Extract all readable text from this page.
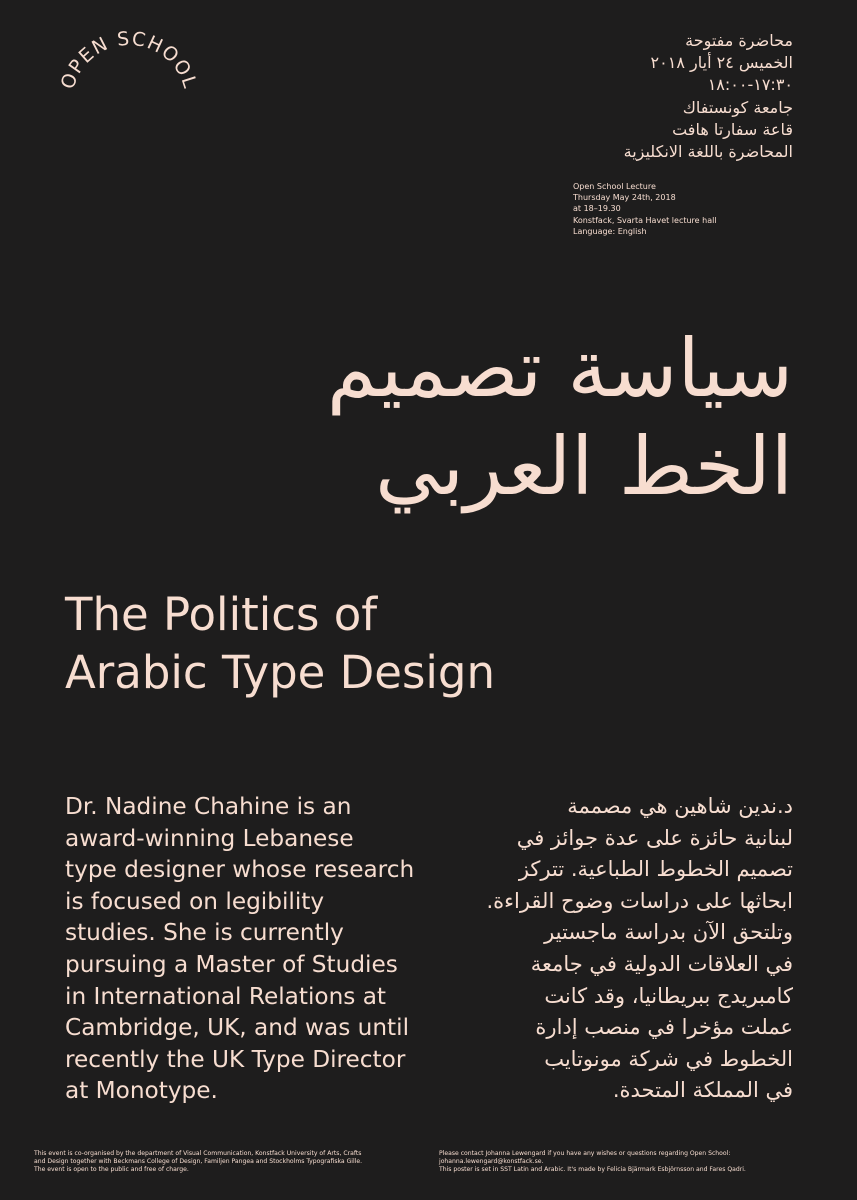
OPEN SCHOOL
محاضرة مفتوحة
الخميس ٢٤ أيار ٢٠١٨
١٧:٣٠-١٨:٠٠
جامعة كونستفاك
قاعة سفارتا هافت
المحاضرة باللغة الانكليزية
Open School Lecture
Thursday May 24th, 2018
at 18–19.30
Konstfack, Svarta Havet lecture hall
Language: English
سياسة تصميم
الخط العربي
The Politics of
Arabic Type Design
Dr. Nadine Chahine is an
award-winning Lebanese
type designer whose research
is focused on legibility
studies. She is currently
pursuing a Master of Studies
in International Relations at
Cambridge, UK, and was until
recently the UK Type Director
at Monotype.
د.ندين شاهين هي مصممة
لبنانية حائزة على عدة جوائز في
تصميم الخطوط الطباعية. تتركز
ابحاثها على دراسات وضوح القراءة.
وتلتحق الآن بدراسة ماجستير
في العلاقات الدولية في جامعة
كامبريدج ببريطانيا، وقد كانت
عملت مؤخرا في منصب إدارة
الخطوط في شركة مونوتايب
في المملكة المتحدة.
This event is co-organised by the department of Visual Communication, Konstfack University of Arts, Crafts
and Design together with Beckmans College of Design, Familjen Pangea and Stockholms Typografiska Gille.
The event is open to the public and free of charge.
Please contact Johanna Lewengard if you have any wishes or questions regarding Open School:
johanna.lewengard@konstfack.se.
This poster is set in SST Latin and Arabic. It's made by Felicia Bjärmark Esbjörnsson and Fares Qadri.
